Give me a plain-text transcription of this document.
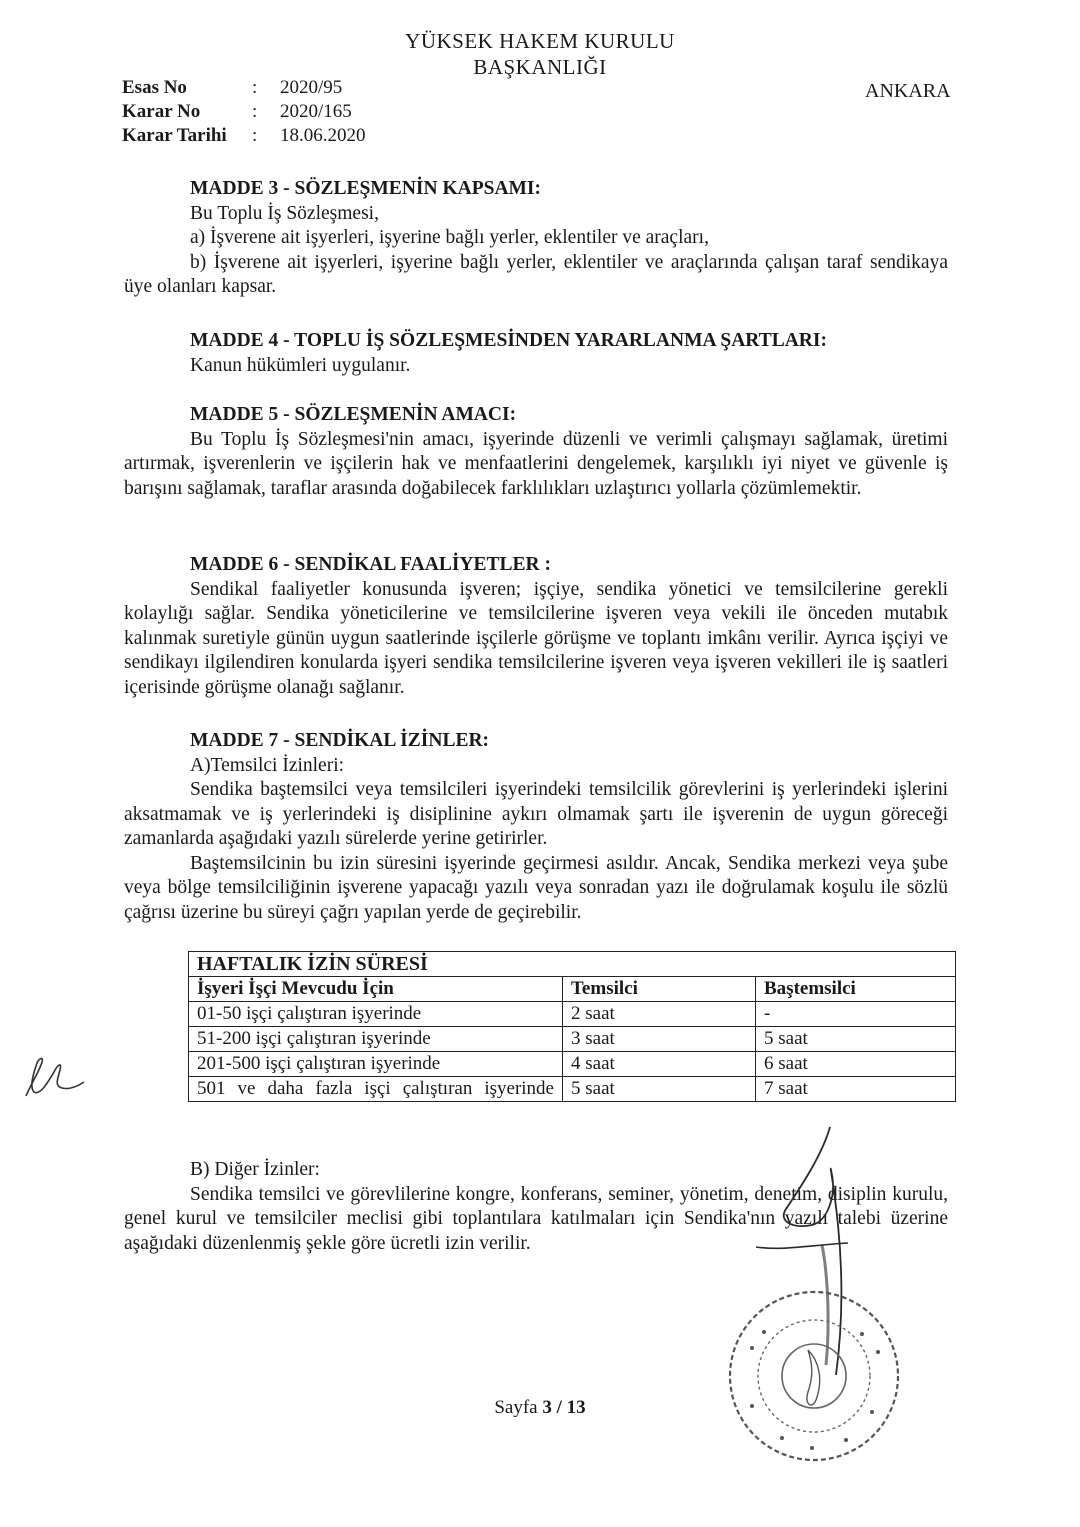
YÜKSEK HAKEM KURULU
BAŞKANLIĞI
Esas No	:	2020/95
Karar No	:	2020/165
Karar Tarihi	:	18.06.2020
ANKARA
MADDE 3 - SÖZLEŞMENİN KAPSAMI:
Bu Toplu İş Sözleşmesi,
a) İşverene ait işyerleri, işyerine bağlı yerler, eklentiler ve araçları,
b) İşverene ait işyerleri, işyerine bağlı yerler, eklentiler ve araçlarında çalışan taraf sendikaya üye olanları kapsar.
MADDE 4 - TOPLU İŞ SÖZLEŞMESİNDEN YARARLANMA ŞARTLARI:
Kanun hükümleri uygulanır.
MADDE 5 - SÖZLEŞMENİN AMACI:
Bu Toplu İş Sözleşmesi'nin amacı, işyerinde düzenli ve verimli çalışmayı sağlamak, üretimi artırmak, işverenlerin ve işçilerin hak ve menfaatlerini dengelemek, karşılıklı iyi niyet ve güvenle iş barışını sağlamak, taraflar arasında doğabilecek farklılıkları uzlaştırıcı yollarla çözümlemektir.
MADDE 6 - SENDİKAL FAALİYETLER :
Sendikal faaliyetler konusunda işveren; işçiye, sendika yönetici ve temsilcilerine gerekli kolaylığı sağlar. Sendika yöneticilerine ve temsilcilerine işveren veya vekili ile önceden mutabık kalınmak suretiyle günün uygun saatlerinde işçilerle görüşme ve toplantı imkânı verilir. Ayrıca işçiyi ve sendikayı ilgilendiren konularda işyeri sendika temsilcilerine işveren veya işveren vekilleri ile iş saatleri içerisinde görüşme olanağı sağlanır.
MADDE 7 - SENDİKAL İZİNLER:
A)Temsilci İzinleri:
Sendika baştemsilci veya temsilcileri işyerindeki temsilcilik görevlerini iş yerlerindeki işlerini aksatmamak ve iş yerlerindeki iş disiplinine aykırı olmamak şartı ile işverenin de uygun göreceği zamanlarda aşağıdaki yazılı sürelerde yerine getirirler.
Baştemsilcinin bu izin süresini işyerinde geçirmesi asıldır. Ancak, Sendika merkezi veya şube veya bölge temsilciliğinin işverene yapacağı yazılı veya sonradan yazı ile doğrulamak koşulu ile sözlü çağrısı üzerine bu süreyi çağrı yapılan yerde de geçirebilir.
HAFTALIK İZİN SÜRESİ		
İşyeri İşçi Mevcudu İçin	Temsilci	Baştemsilci
01-50 işçi çalıştıran işyerinde	2 saat	-
51-200 işçi çalıştıran işyerinde	3 saat	5 saat
201-500 işçi çalıştıran işyerinde	4 saat	6 saat
501 ve daha fazla işçi çalıştıran işyerinde	5 saat	7 saat
B) Diğer İzinler:
Sendika temsilci ve görevlilerine kongre, konferans, seminer, yönetim, denetim, disiplin kurulu, genel kurul ve temsilciler meclisi gibi toplantılara katılmaları için Sendika'nın yazılı talebi üzerine aşağıdaki düzenlenmiş şekle göre ücretli izin verilir.
Sayfa 3 / 13
